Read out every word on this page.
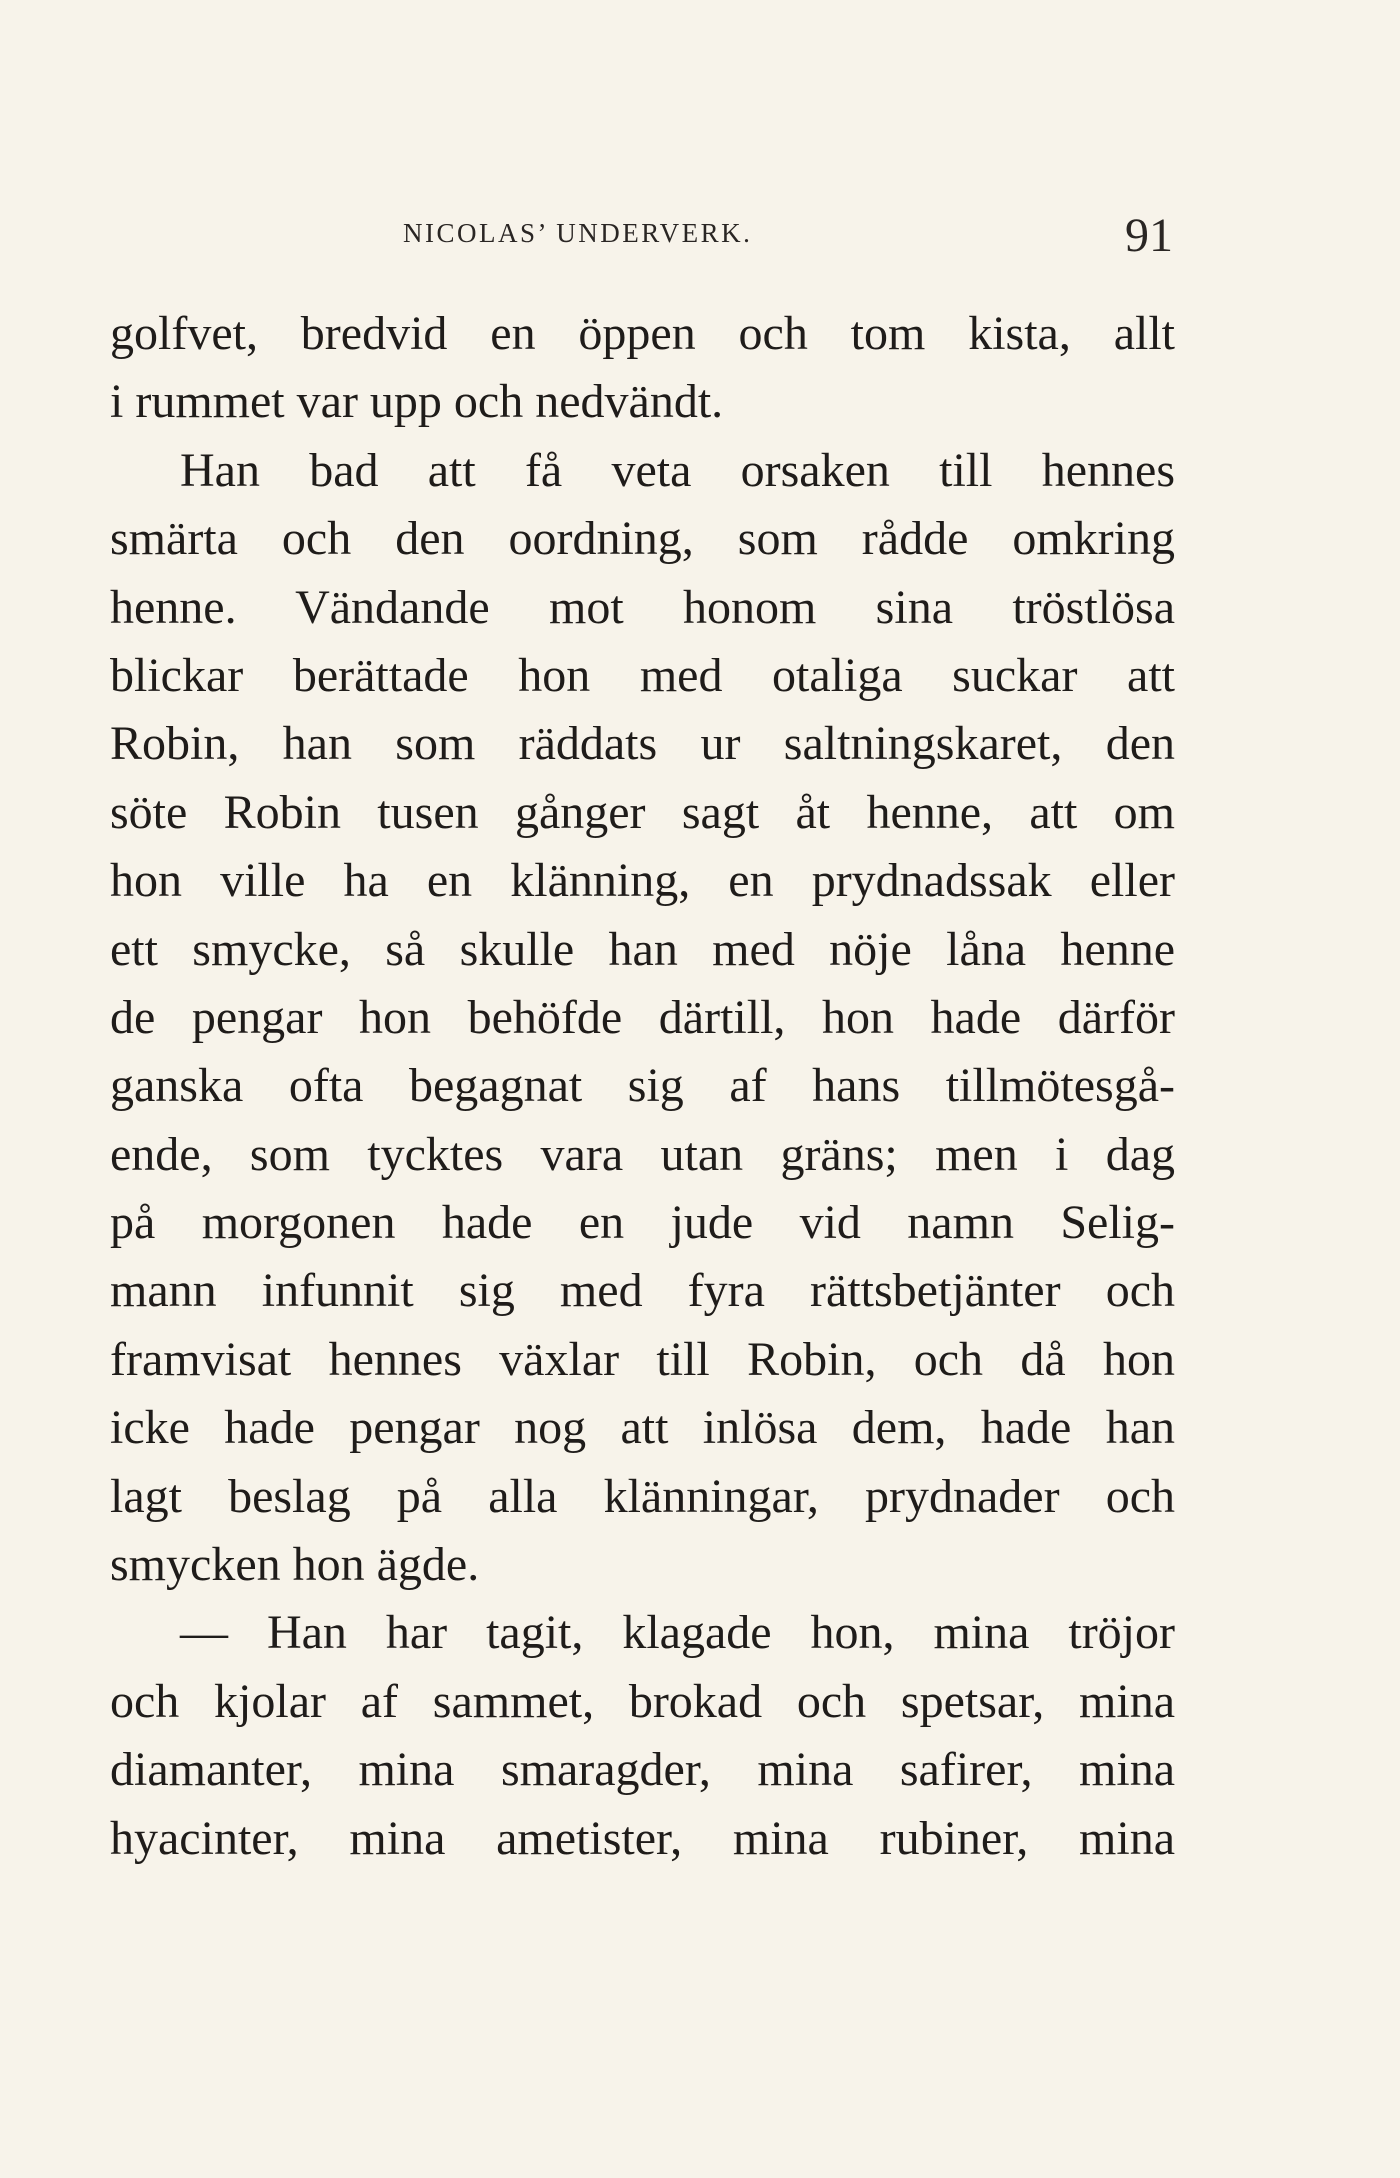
NICOLAS’ UNDERVERK.	91
golfvet, bredvid en öppen och tom kista, allt
i rummet var upp och nedvändt.
Han bad att få veta orsaken till hennes
smärta och den oordning, som rådde omkring
henne. Vändande mot honom sina tröstlösa
blickar berättade hon med otaliga suckar att
Robin, han som räddats ur saltningskaret, den
söte Robin tusen gånger sagt åt henne, att om
hon ville ha en klänning, en prydnadssak eller
ett smycke, så skulle han med nöje låna henne
de pengar hon behöfde därtill, hon hade därför
ganska ofta begagnat sig af hans tillmötesgå-
ende, som tycktes vara utan gräns; men i dag
på morgonen hade en jude vid namn Selig-
mann infunnit sig med fyra rättsbetjänter och
framvisat hennes växlar till Robin, och då hon
icke hade pengar nog att inlösa dem, hade han
lagt beslag på alla klänningar, prydnader och
smycken hon ägde.
— Han har tagit, klagade hon, mina tröjor
och kjolar af sammet, brokad och spetsar, mina
diamanter, mina smaragder, mina safirer, mina
hyacinter, mina ametister, mina rubiner, mina
